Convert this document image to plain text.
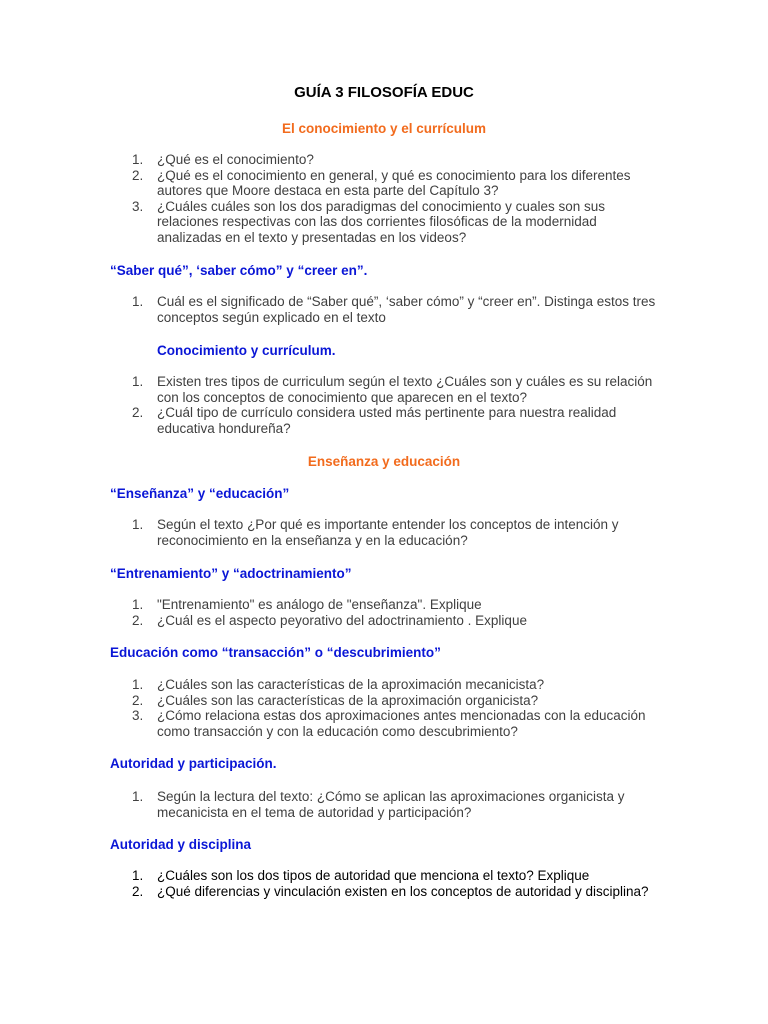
GUÍA 3 FILOSOFÍA EDUC
El conocimiento y el currículum
1. ¿Qué es el conocimiento?
2. ¿Qué es el conocimiento en general, y qué es conocimiento para los diferentes autores que Moore destaca en esta parte del Capítulo 3?
3. ¿Cuáles cuáles son los dos paradigmas del conocimiento y cuales son sus relaciones respectivas con las dos corrientes filosóficas de la modernidad analizadas en el texto y presentadas en los videos?
“Saber qué”, ‘saber cómo” y “creer en”.
1. Cuál es el significado de “Saber qué”, ‘saber cómo” y “creer en”. Distinga estos tres conceptos según explicado en el texto
Conocimiento y currículum.
1. Existen tres tipos de curriculum según el texto ¿Cuáles son y cuáles es su relación con los conceptos de conocimiento que aparecen en el texto?
2. ¿Cuál tipo de currículo considera usted más pertinente para nuestra realidad educativa hondureña?
Enseñanza y educación
“Enseñanza” y “educación”
1. Según el texto ¿Por qué es importante entender los conceptos de intención y reconocimiento en la enseñanza y en la educación?
“Entrenamiento” y “adoctrinamiento”
1. "Entrenamiento" es análogo de "enseñanza". Explique
2. ¿Cuál es el aspecto peyorativo del adoctrinamiento . Explique
Educación como “transacción” o “descubrimiento”
1. ¿Cuáles son las características de la aproximación mecanicista?
2. ¿Cuáles son las características de la aproximación organicista?
3. ¿Cómo relaciona estas dos aproximaciones antes mencionadas con la educación como transacción y con la educación como descubrimiento?
Autoridad y participación.
1. Según la lectura del texto: ¿Cómo se aplican las aproximaciones organicista y mecanicista en el tema de autoridad y participación?
Autoridad y disciplina
1. ¿Cuáles son los dos tipos de autoridad que menciona el texto? Explique
2. ¿Qué diferencias y vinculación existen en los conceptos de autoridad y disciplina?
